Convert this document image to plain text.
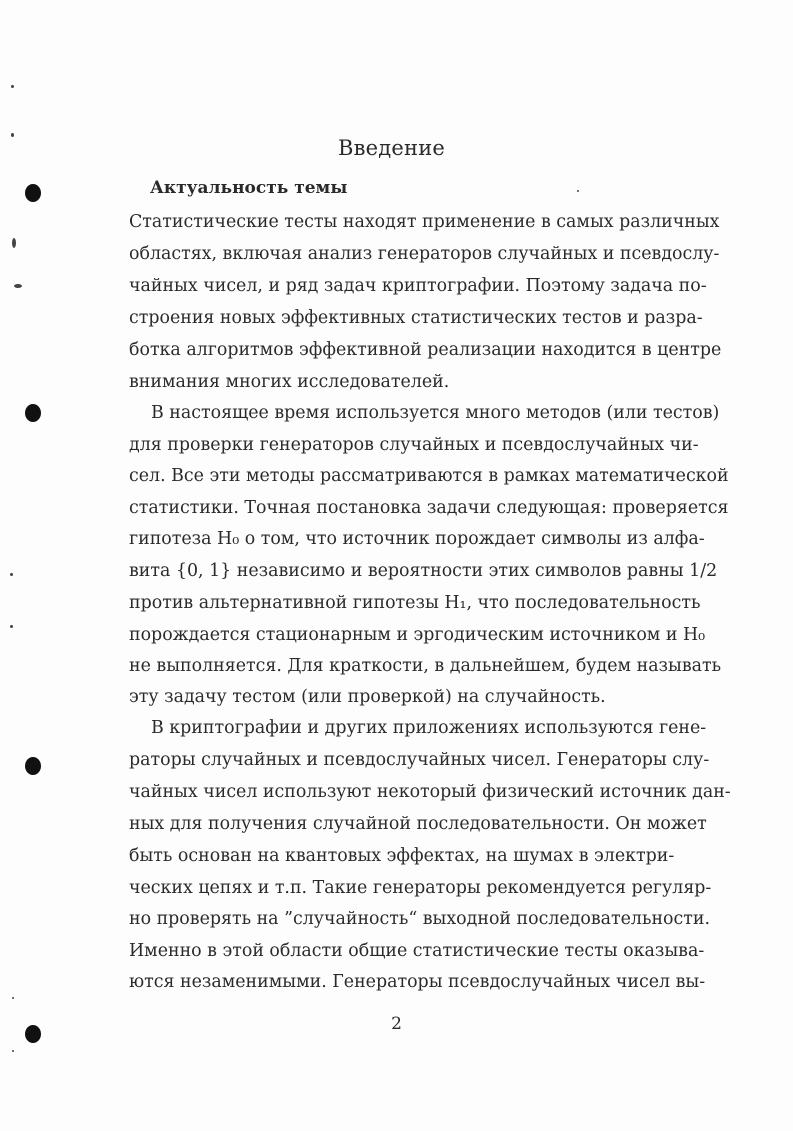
Введение
Актуальность темы
Статистические тесты находят применение в самых различных
областях, включая анализ генераторов случайных и псевдослу-
чайных чисел, и ряд задач криптографии. Поэтому задача по-
строения новых эффективных статистических тестов и разра-
ботка алгоритмов эффективной реализации находится в центре
внимания многих исследователей.
В настоящее время используется много методов (или тестов)
для проверки генераторов случайных и псевдослучайных чи-
сел. Все эти методы рассматриваются в рамках математической
статистики. Точная постановка задачи следующая: проверяется
гипотеза H₀ о том, что источник порождает символы из алфа-
вита {0, 1} независимо и вероятности этих символов равны 1/2
против альтернативной гипотезы H₁, что последовательность
порождается стационарным и эргодическим источником и H₀
не выполняется. Для краткости, в дальнейшем, будем называть
эту задачу тестом (или проверкой) на случайность.
В криптографии и других приложениях используются гене-
раторы случайных и псевдослучайных чисел. Генераторы слу-
чайных чисел используют некоторый физический источник дан-
ных для получения случайной последовательности. Он может
быть основан на квантовых эффектах, на шумах в электри-
ческих цепях и т.п. Такие генераторы рекомендуется регуляр-
но проверять на ”случайность“ выходной последовательности.
Именно в этой области общие статистические тесты оказыва-
ются незаменимыми. Генераторы псевдослучайных чисел вы-
2
